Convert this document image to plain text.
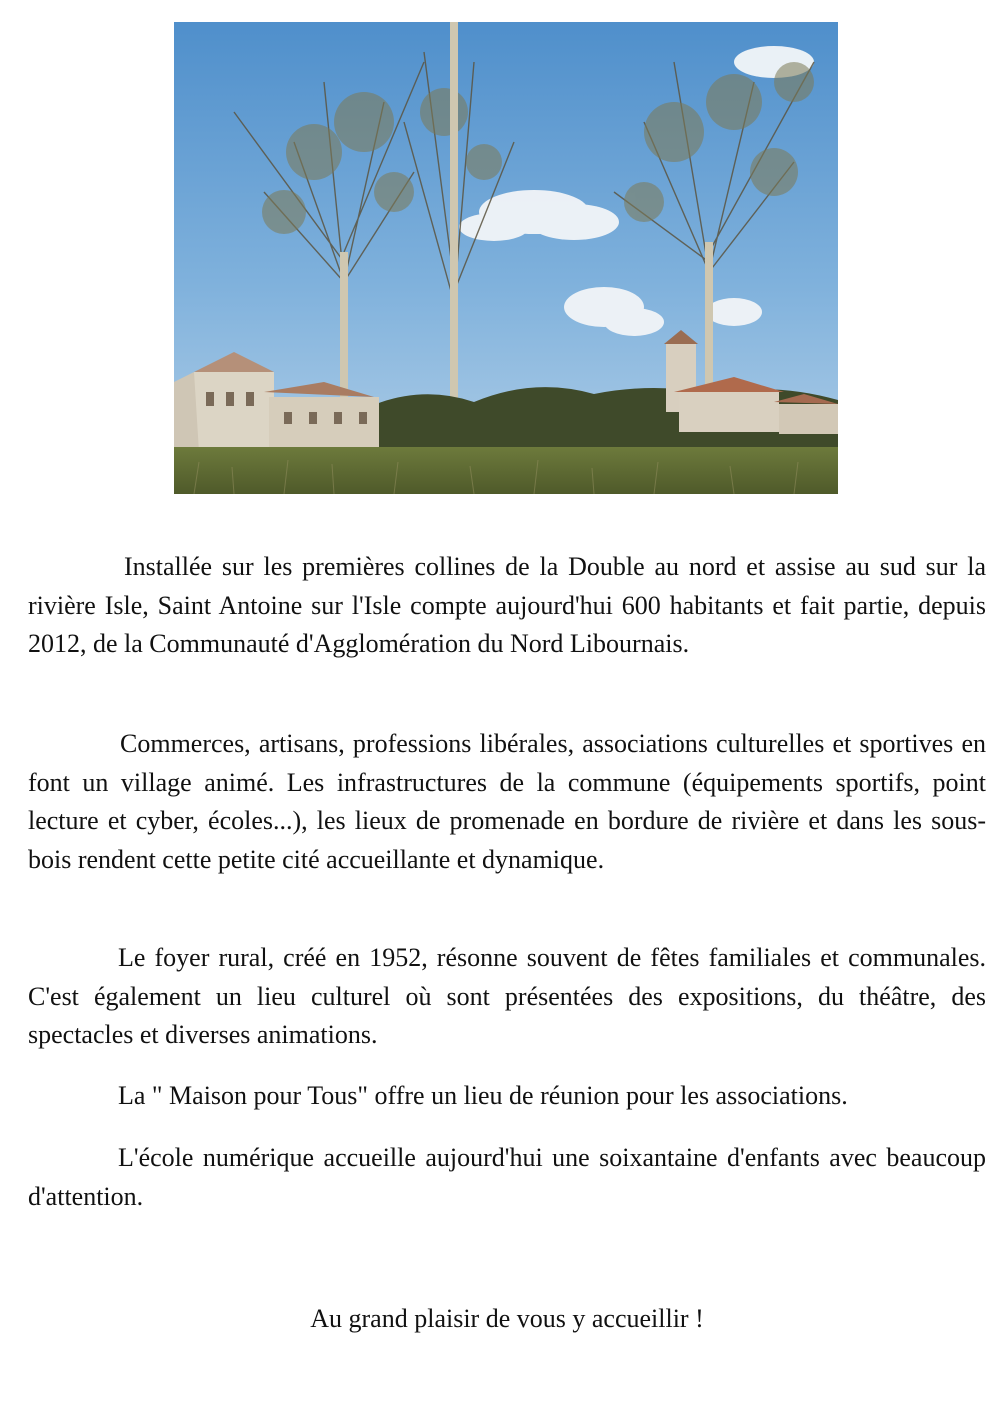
Installée sur les premières collines de la Double au nord et assise au sud sur la rivière Isle, Saint Antoine sur l'Isle compte aujourd'hui 600 habitants et fait partie, depuis 2012, de la Communauté d'Agglomération du Nord Libournais.

Commerces, artisans, professions libérales, associations culturelles et sportives en font un village animé. Les infrastructures de la commune (équipements sportifs, point lecture et cyber, écoles...), les lieux de promenade en bordure de rivière et dans les sous-bois rendent cette petite cité accueillante et dynamique.

Le foyer rural, créé en 1952, résonne souvent de fêtes familiales et communales. C'est également un lieu culturel où sont présentées des expositions, du théâtre, des spectacles et diverses animations.

La " Maison pour Tous" offre un lieu de réunion pour les associations.

L'école numérique accueille aujourd'hui une soixantaine d'enfants avec beaucoup d'attention.

Au grand plaisir de vous y accueillir !
